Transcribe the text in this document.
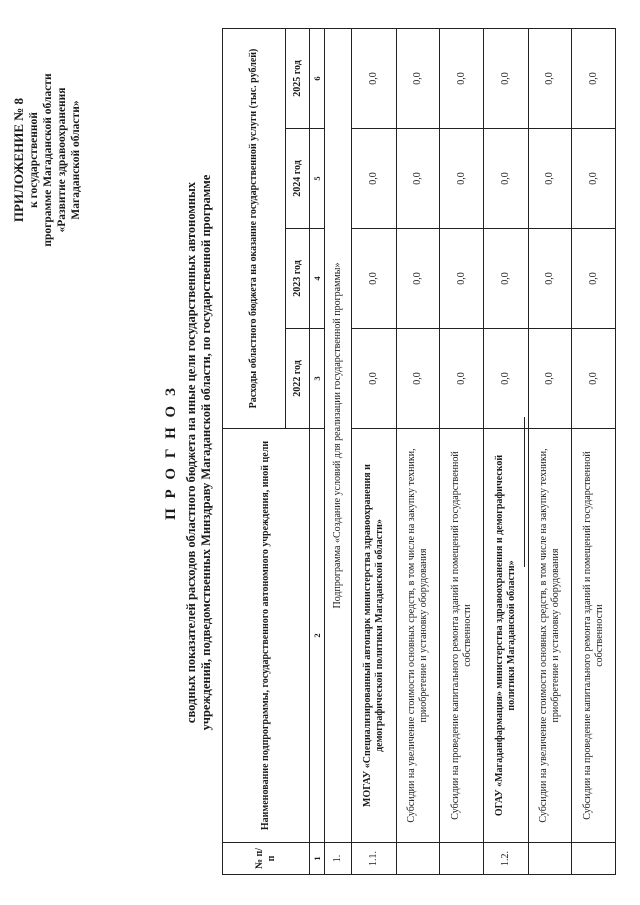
ПРИЛОЖЕНИЕ № 8 к государственной программе Магаданской области «Развитие здравоохранения Магаданской области»
П Р О Г Н О З сводных показателей расходов областного бюджета на иные цели государственных автономных учреждений, подведомственных Минздраву Магаданской области, по государственной программе
№ п/п	Наименование подпрограммы, государственного автономного учреждения, иной цели	Расходы областного бюджета на оказание государственной услуги (тыс. рублей)			
		2022 год	2023 год	2024 год	2025 год
1	2	3	4	5	6
1.	Подпрограмма «Создание условий для реализации государственной программы»				
1.1.	МОГАУ «Специализированный автопарк министерства здравоохранения и демографической политики Магаданской области»	0,0	0,0	0,0	0,0
	Субсидии на увеличение стоимости основных средств, в том числе на закупку техники, приобретение и установку оборудования	0,0	0,0	0,0	0,0
	Субсидии на проведение капитального ремонта зданий и помещений государственной собственности	0,0	0,0	0,0	0,0
1.2.	ОГАУ «Магаданфармация» министерства здравоохранения и демографической политики Магаданской области»	0,0	0,0	0,0	0,0
	Субсидии на увеличение стоимости основных средств, в том числе на закупку техники, приобретение и установку оборудования	0,0	0,0	0,0	0,0
	Субсидии на проведение капитального ремонта зданий и помещений государственной собственности	0,0	0,0	0,0	0,0
